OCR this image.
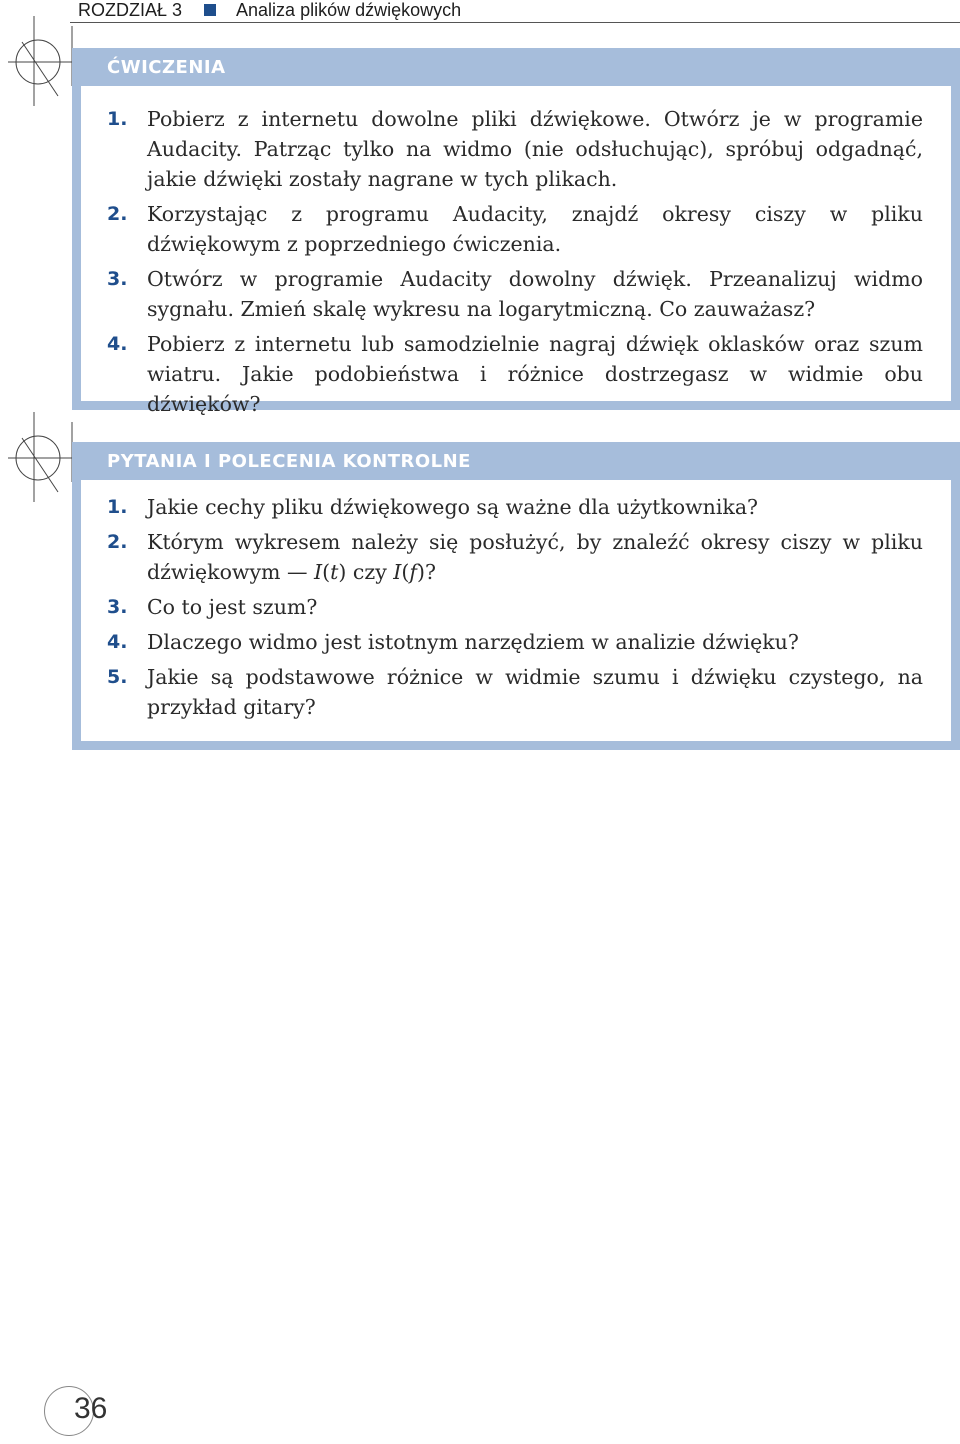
ROZDZIAŁ 3	Analiza plików dźwiękowych
ĆWICZENIA
1. Pobierz z internetu dowolne pliki dźwiękowe. Otwórz je w programie Audacity. Patrząc tylko na widmo (nie odsłuchując), spróbuj odgadnąć, jakie dźwięki zostały nagrane w tych plikach.
2. Korzystając z programu Audacity, znajdź okresy ciszy w pliku dźwiękowym z poprzedniego ćwiczenia.
3. Otwórz w programie Audacity dowolny dźwięk. Przeanalizuj widmo sygnału. Zmień skalę wykresu na logarytmiczną. Co zauważasz?
4. Pobierz z internetu lub samodzielnie nagraj dźwięk oklasków oraz szum wiatru. Jakie podobieństwa i różnice dostrzegasz w widmie obu dźwięków?
PYTANIA I POLECENIA KONTROLNE
1. Jakie cechy pliku dźwiękowego są ważne dla użytkownika?
2. Którym wykresem należy się posłużyć, by znaleźć okresy ciszy w pliku dźwiękowym — I(t) czy I(f)?
3. Co to jest szum?
4. Dlaczego widmo jest istotnym narzędziem w analizie dźwięku?
5. Jakie są podstawowe różnice w widmie szumu i dźwięku czystego, na przykład gitary?
36
